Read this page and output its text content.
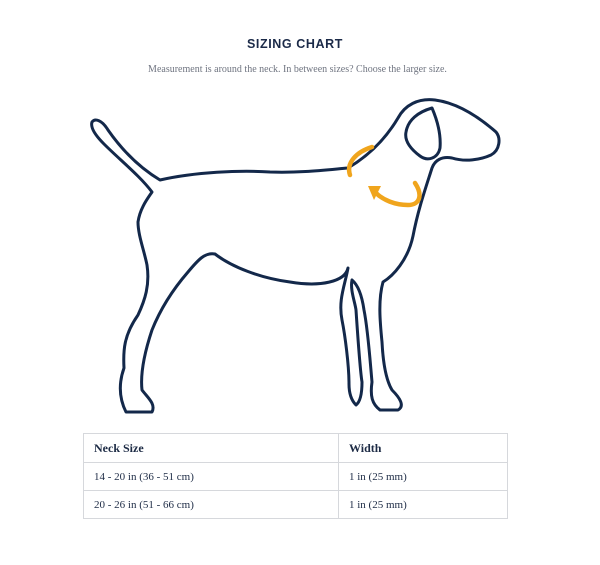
SIZING CHART
Measurement is around the neck. In between sizes? Choose the larger size.
Neck Size	Width
14 - 20 in (36 - 51 cm)	1 in (25 mm)
20 - 26 in (51 - 66 cm)	1 in (25 mm)
